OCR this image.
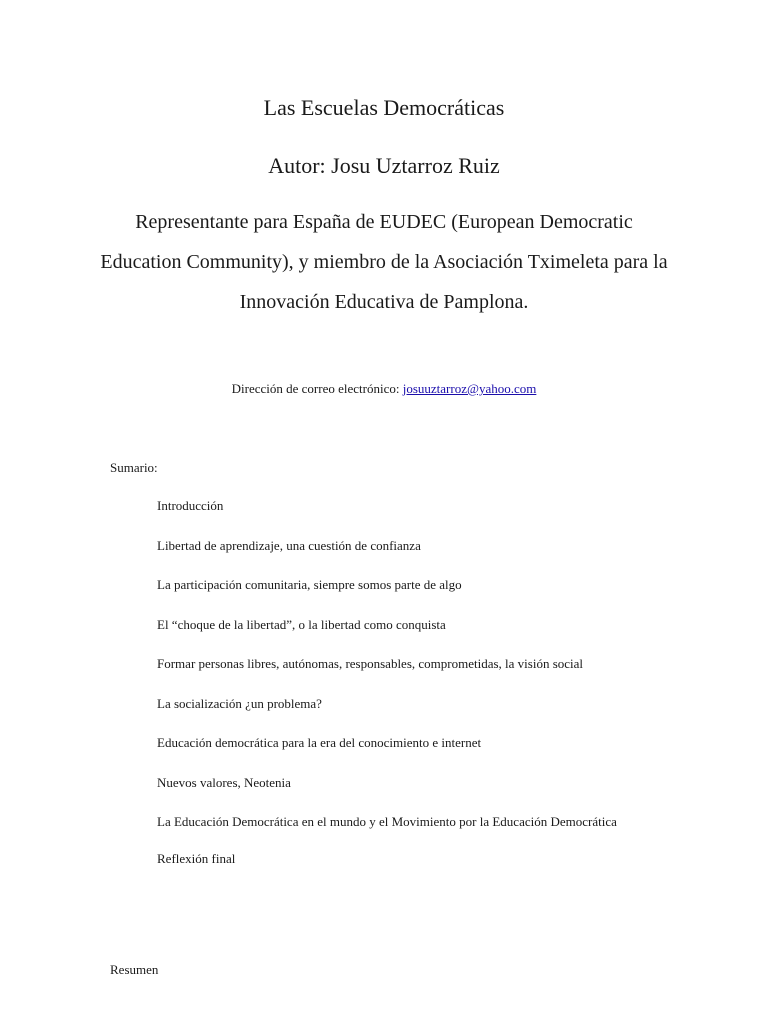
Las Escuelas Democráticas
Autor: Josu Uztarroz Ruiz
Representante para España de EUDEC (European Democratic Education Community), y miembro de la Asociación Tximeleta para la Innovación Educativa de Pamplona.
Dirección de correo electrónico: josuuztarroz@yahoo.com
Sumario:
Introducción
Libertad de aprendizaje, una cuestión de confianza
La participación comunitaria, siempre somos parte de algo
El “choque de la libertad”, o la libertad como conquista
Formar personas libres, autónomas, responsables, comprometidas, la visión social
La socialización ¿un problema?
Educación democrática para la era del conocimiento e internet
Nuevos valores, Neotenia
La Educación Democrática en el mundo y el Movimiento por la Educación Democrática
Reflexión final
Resumen
